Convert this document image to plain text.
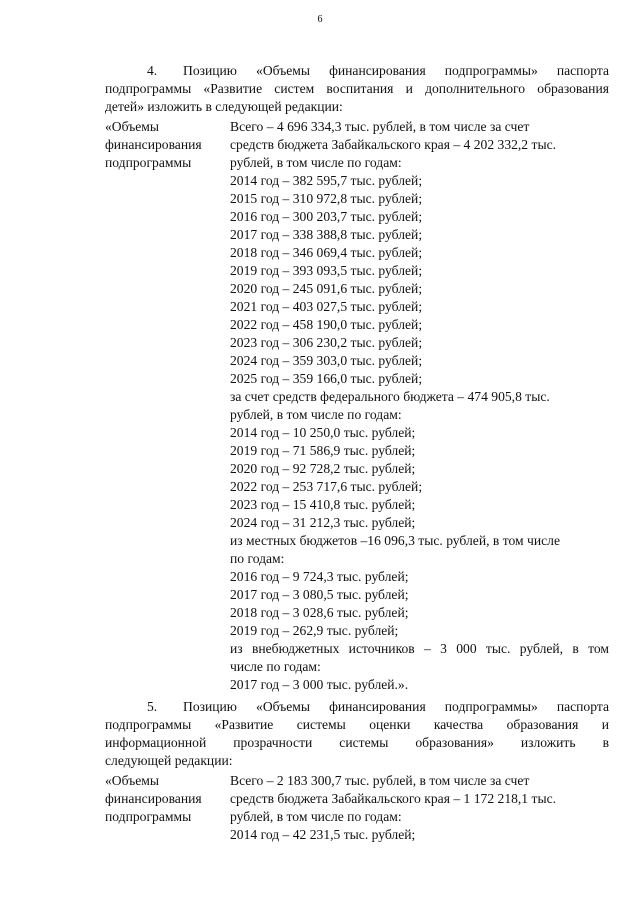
6
4. Позицию «Объемы финансирования подпрограммы» паспорта
подпрограммы «Развитие систем воспитания и дополнительного образования
детей» изложить в следующей редакции:
«Объемы
финансирования
подпрограммы
Всего – 4 696 334,3 тыс. рублей, в том числе за счет
средств бюджета Забайкальского края – 4 202 332,2 тыс.
рублей, в том числе по годам:
2014 год – 382 595,7 тыс. рублей;
2015 год – 310 972,8 тыс. рублей;
2016 год – 300 203,7 тыс. рублей;
2017 год – 338 388,8 тыс. рублей;
2018 год – 346 069,4 тыс. рублей;
2019 год – 393 093,5 тыс. рублей;
2020 год – 245 091,6 тыс. рублей;
2021 год – 403 027,5 тыс. рублей;
2022 год – 458 190,0 тыс. рублей;
2023 год – 306 230,2 тыс. рублей;
2024 год – 359 303,0 тыс. рублей;
2025 год – 359 166,0 тыс. рублей;
за счет средств федерального бюджета – 474 905,8 тыс.
рублей, в том числе по годам:
2014 год – 10 250,0 тыс. рублей;
2019 год – 71 586,9 тыс. рублей;
2020 год – 92 728,2 тыс. рублей;
2022 год – 253 717,6 тыс. рублей;
2023 год – 15 410,8 тыс. рублей;
2024 год – 31 212,3 тыс. рублей;
из местных бюджетов –16 096,3 тыс. рублей, в том числе
по годам:
2016 год – 9 724,3 тыс. рублей;
2017 год – 3 080,5 тыс. рублей;
2018 год – 3 028,6 тыс. рублей;
2019 год – 262,9 тыс. рублей;
из внебюджетных источников – 3 000 тыс. рублей, в том
числе по годам:
2017 год – 3 000 тыс. рублей.».
5. Позицию «Объемы финансирования подпрограммы» паспорта
подпрограммы «Развитие системы оценки качества образования и
информационной прозрачности системы образования» изложить в
следующей редакции:
«Объемы
финансирования
подпрограммы
Всего – 2 183 300,7 тыс. рублей, в том числе за счет
средств бюджета Забайкальского края – 1 172 218,1 тыс.
рублей, в том числе по годам:
2014 год – 42 231,5 тыс. рублей;
